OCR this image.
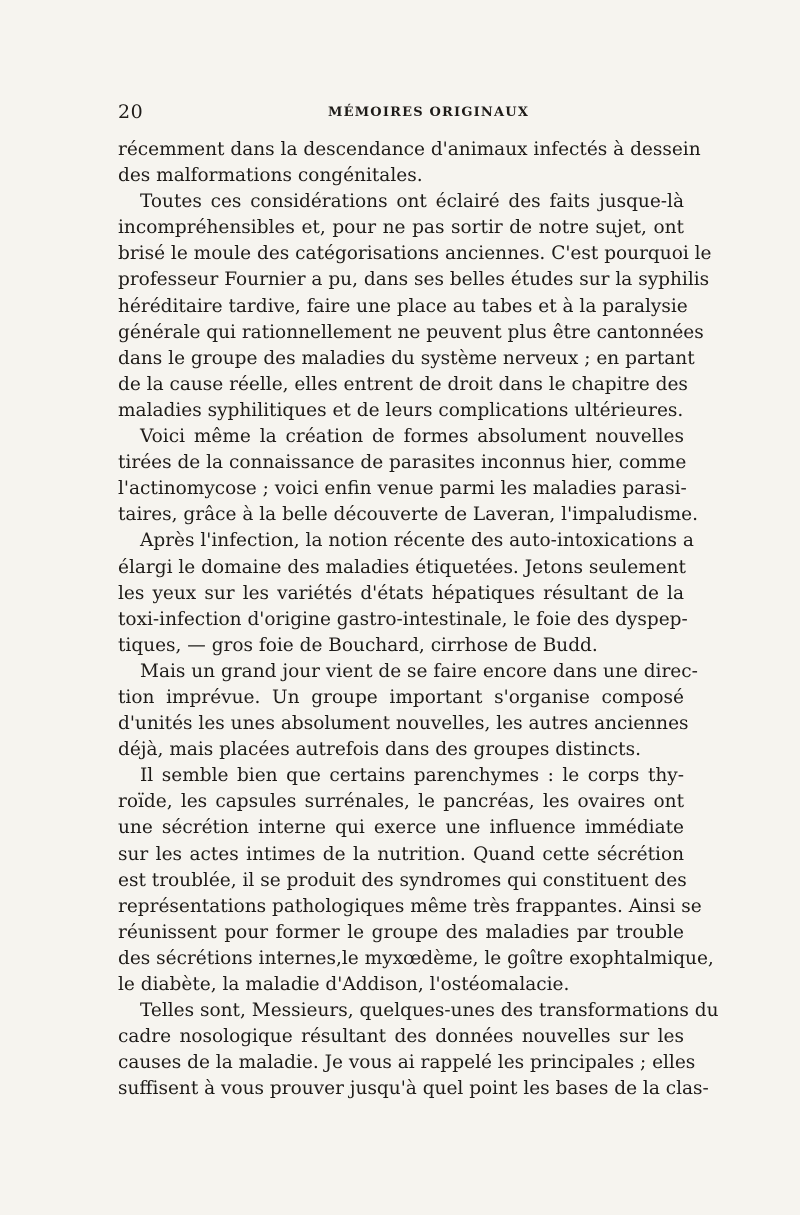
20	MÉMOIRES ORIGINAUX
récemment dans la descendance d'animaux infectés à dessein
des malformations congénitales.
Toutes ces considérations ont éclairé des faits jusque-là
incompréhensibles et, pour ne pas sortir de notre sujet, ont
brisé le moule des catégorisations anciennes. C'est pourquoi le
professeur Fournier a pu, dans ses belles études sur la syphilis
héréditaire tardive, faire une place au tabes et à la paralysie
générale qui rationnellement ne peuvent plus être cantonnées
dans le groupe des maladies du système nerveux ; en partant
de la cause réelle, elles entrent de droit dans le chapitre des
maladies syphilitiques et de leurs complications ultérieures.
Voici même la création de formes absolument nouvelles
tirées de la connaissance de parasites inconnus hier, comme
l'actinomycose ; voici enfin venue parmi les maladies parasi-
taires, grâce à la belle découverte de Laveran, l'impaludisme.
Après l'infection, la notion récente des auto-intoxications a
élargi le domaine des maladies étiquetées. Jetons seulement
les yeux sur les variétés d'états hépatiques résultant de la
toxi-infection d'origine gastro-intestinale, le foie des dyspep-
tiques, — gros foie de Bouchard, cirrhose de Budd.
Mais un grand jour vient de se faire encore dans une direc-
tion imprévue. Un groupe important s'organise composé
d'unités les unes absolument nouvelles, les autres anciennes
déjà, mais placées autrefois dans des groupes distincts.
Il semble bien que certains parenchymes : le corps thy-
roïde, les capsules surrénales, le pancréas, les ovaires ont
une sécrétion interne qui exerce une influence immédiate
sur les actes intimes de la nutrition. Quand cette sécrétion
est troublée, il se produit des syndromes qui constituent des
représentations pathologiques même très frappantes. Ainsi se
réunissent pour former le groupe des maladies par trouble
des sécrétions internes,le myxœdème, le goître exophtalmique,
le diabète, la maladie d'Addison, l'ostéomalacie.
Telles sont, Messieurs, quelques-unes des transformations du
cadre nosologique résultant des données nouvelles sur les
causes de la maladie. Je vous ai rappelé les principales ; elles
suffisent à vous prouver jusqu'à quel point les bases de la clas-
